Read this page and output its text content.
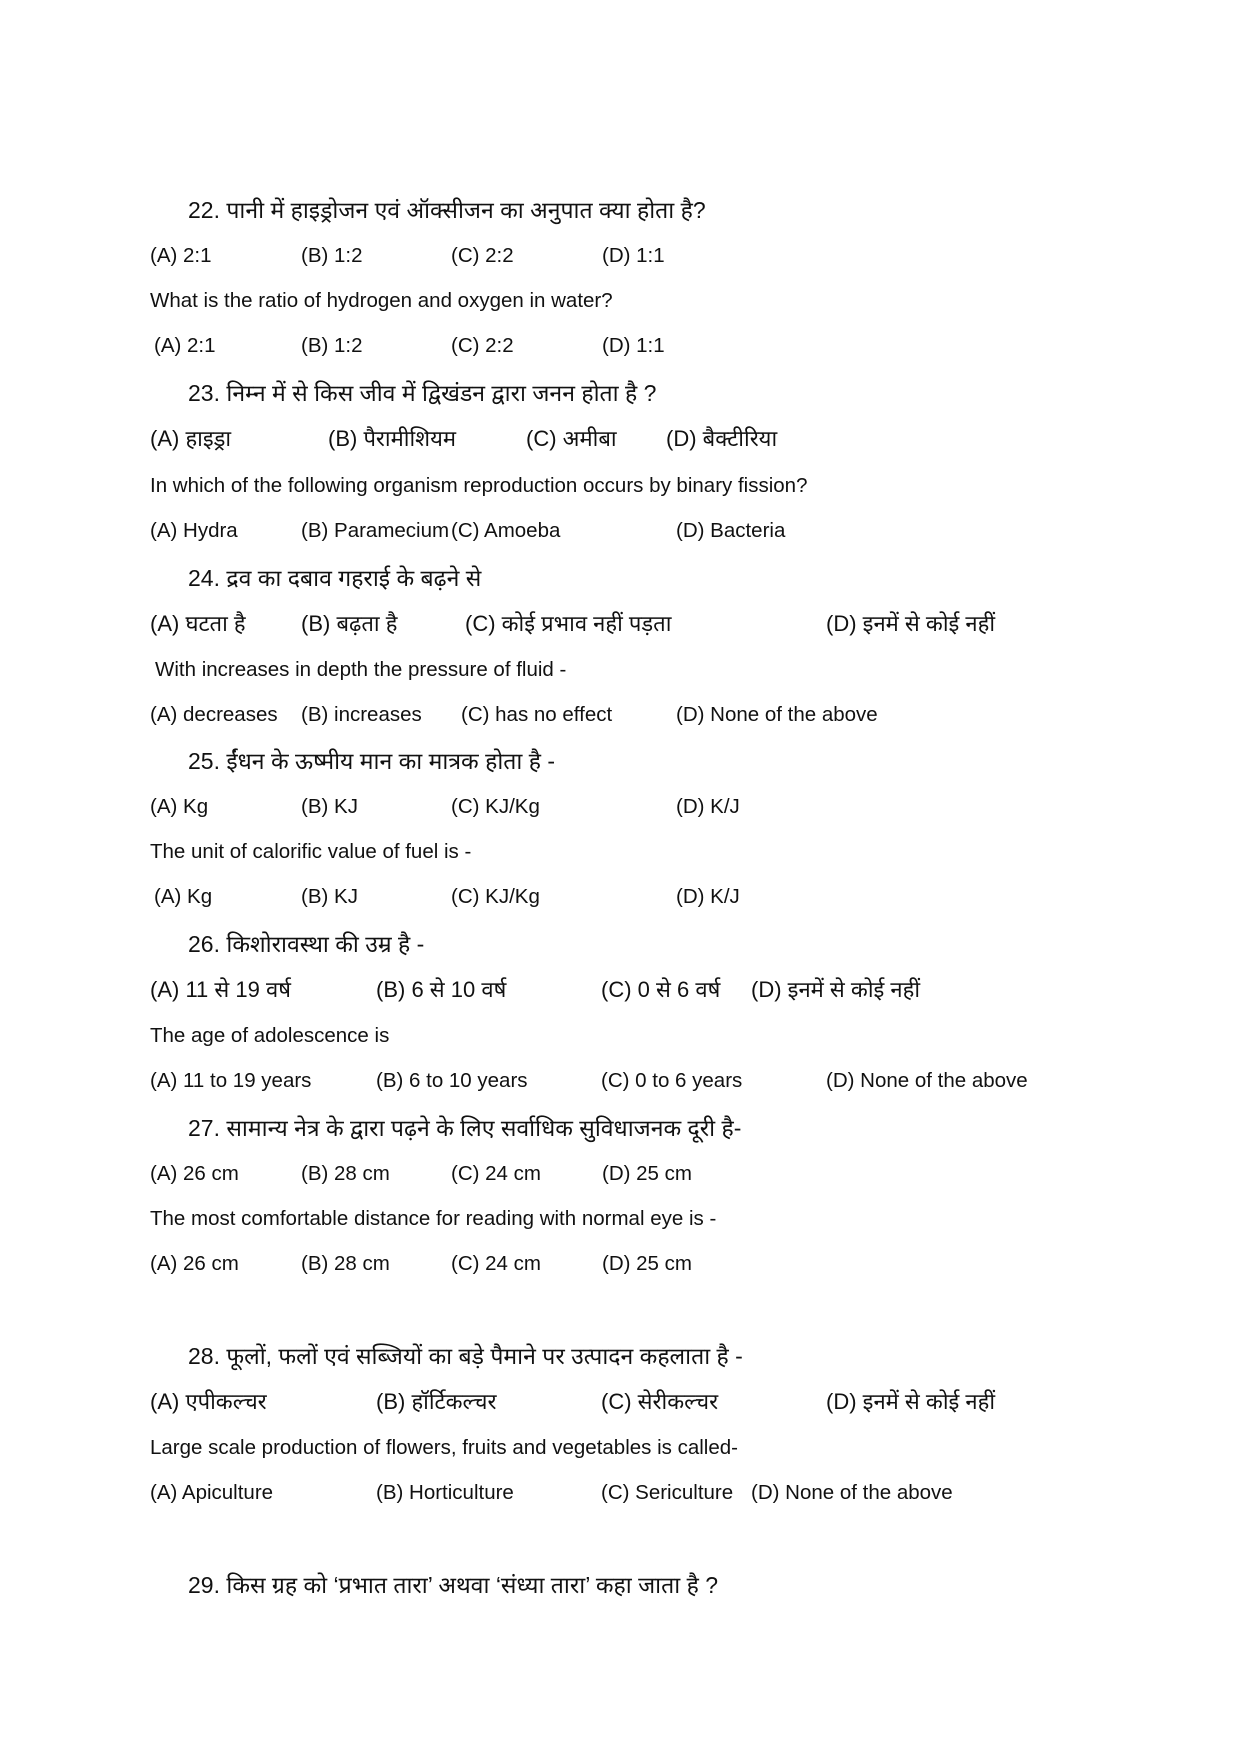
22. पानी में हाइड्रोजन एवं ऑक्सीजन का अनुपात क्या होता है?
(A) 2:1	(B) 1:2	(C) 2:2	(D) 1:1
What is the ratio of hydrogen and oxygen in water?
(A) 2:1	(B) 1:2	(C) 2:2	(D) 1:1
23. निम्न में से किस जीव में द्विखंडन द्वारा जनन होता है ?
(A) हाइड्रा	(B) पैरामीशियम	(C) अमीबा (D) बैक्टीरिया
In which of the following organism reproduction occurs by binary fission?
(A) Hydra	(B) Paramecium (C) Amoeba	(D) Bacteria
24. द्रव का दबाव गहराई के बढ़ने से
(A) घटता है	(B) बढ़ता है	(C) कोई प्रभाव नहीं पड़ता	(D) इनमें से कोई नहीं
With increases in depth the pressure of fluid -
(A) decreases (B) increases (C) has no effect	(D) None of the above
25. ईंधन के ऊष्मीय मान का मात्रक होता है -
(A) Kg	(B) KJ	(C) KJ/Kg	(D) K/J
The unit of calorific value of fuel is -
(A) Kg	(B) KJ	(C) KJ/Kg	(D) K/J
26. किशोरावस्था की उम्र है -
(A) 11 से 19 वर्ष	(B) 6 से 10 वर्ष	(C) 0 से 6 वर्ष (D) इनमें से कोई नहीं
The age of adolescence is
(A) 11 to 19 years	(B) 6 to 10 years	(C) 0 to 6 years	(D) None of the above
27. सामान्य नेत्र के द्वारा पढ़ने के लिए सर्वाधिक सुविधाजनक दूरी है-
(A) 26 cm	(B) 28 cm	(C) 24 cm	(D) 25 cm
The most comfortable distance for reading with normal eye is -
(A) 26 cm	(B) 28 cm	(C) 24 cm	(D) 25 cm
28. फूलों, फलों एवं सब्जियों का बड़े पैमाने पर उत्पादन कहलाता है -
(A) एपीकल्चर	(B) हॉर्टिकल्चर	(C) सेरीकल्चर	(D) इनमें से कोई नहीं
Large scale production of flowers, fruits and vegetables is called-
(A) Apiculture	(B) Horticulture	(C) Sericulture (D) None of the above
29. किस ग्रह को ‘प्रभात तारा’ अथवा ‘संध्या तारा’ कहा जाता है ?
